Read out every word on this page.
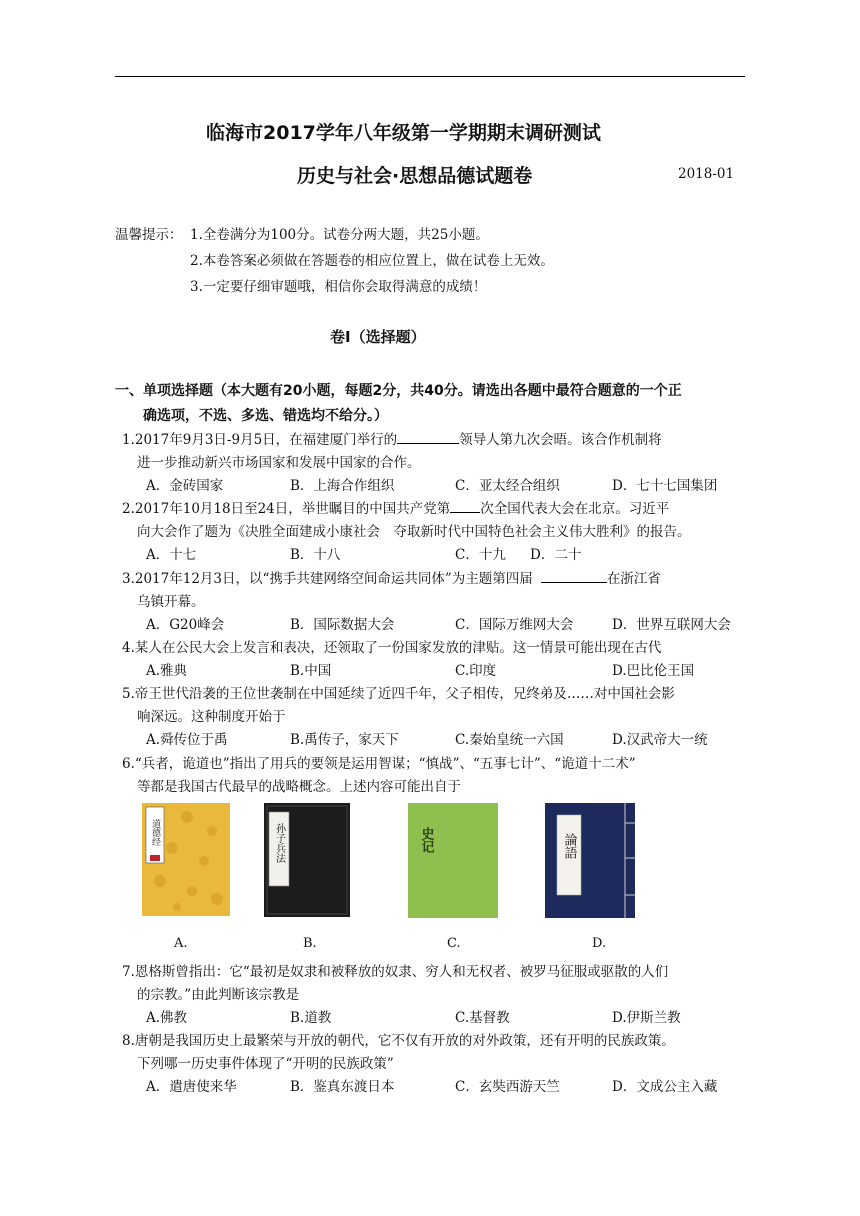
临海市2017学年八年级第一学期期末调研测试
历史与社会·思想品德试题卷	2018-01
温馨提示： 1.全卷满分为100分。试卷分两大题，共25小题。
2.本卷答案必须做在答题卷的相应位置上，做在试卷上无效。
3.一定要仔细审题哦，相信你会取得满意的成绩！
卷Ⅰ（选择题）
一、单项选择题（本大题有20小题，每题2分，共40分。请选出各题中最符合题意的一个正
确选项，不选、多选、错选均不给分。）
1.2017年9月3日-9月5日，在福建厦门举行的	领导人第九次会晤。该合作机制将
进一步推动新兴市场国家和发展中国家的合作。
A．金砖国家	B．上海合作组织	C．亚太经合组织	D．七十七国集团
2.2017年10月18日至24日，举世瞩目的中国共产党第 次全国代表大会在北京。习近平
向大会作了题为《决胜全面建成小康社会　夺取新时代中国特色社会主义伟大胜利》的报告。
A．十七	B．十八	C．十九 D．二十
3.2017年12月3日，以“携手共建网络空间命运共同体”为主题第四届	在浙江省
乌镇开幕。
A．G20峰会	B．国际数据大会	C．国际万维网大会	D．世界互联网大会
4.某人在公民大会上发言和表决，还领取了一份国家发放的津贴。这一情景可能出现在古代
A.雅典	B.中国	C.印度	D.巴比伦王国
5.帝王世代沿袭的王位世袭制在中国延续了近四千年，父子相传，兄终弟及……对中国社会影
响深远。这种制度开始于
A.舜传位于禹	B.禹传子，家天下	C.秦始皇统一六国	D.汉武帝大一统
6.“兵者，诡道也”指出了用兵的要领是运用智谋；“慎战”、“五事七计”、“诡道十二术”
等都是我国古代最早的战略概念。上述内容可能出自于
道德经	孙子兵法	史记	論語
A.	B.	C.	D.
7.恩格斯曾指出：它“最初是奴隶和被释放的奴隶、穷人和无权者、被罗马征服或驱散的人们
的宗教。”由此判断该宗教是
A.佛教	B.道教	C.基督教	D.伊斯兰教
8.唐朝是我国历史上最繁荣与开放的朝代，它不仅有开放的对外政策，还有开明的民族政策。
下列哪一历史事件体现了“开明的民族政策”
A．遣唐使来华	B．鉴真东渡日本	C．玄奘西游天竺	D．文成公主入藏
